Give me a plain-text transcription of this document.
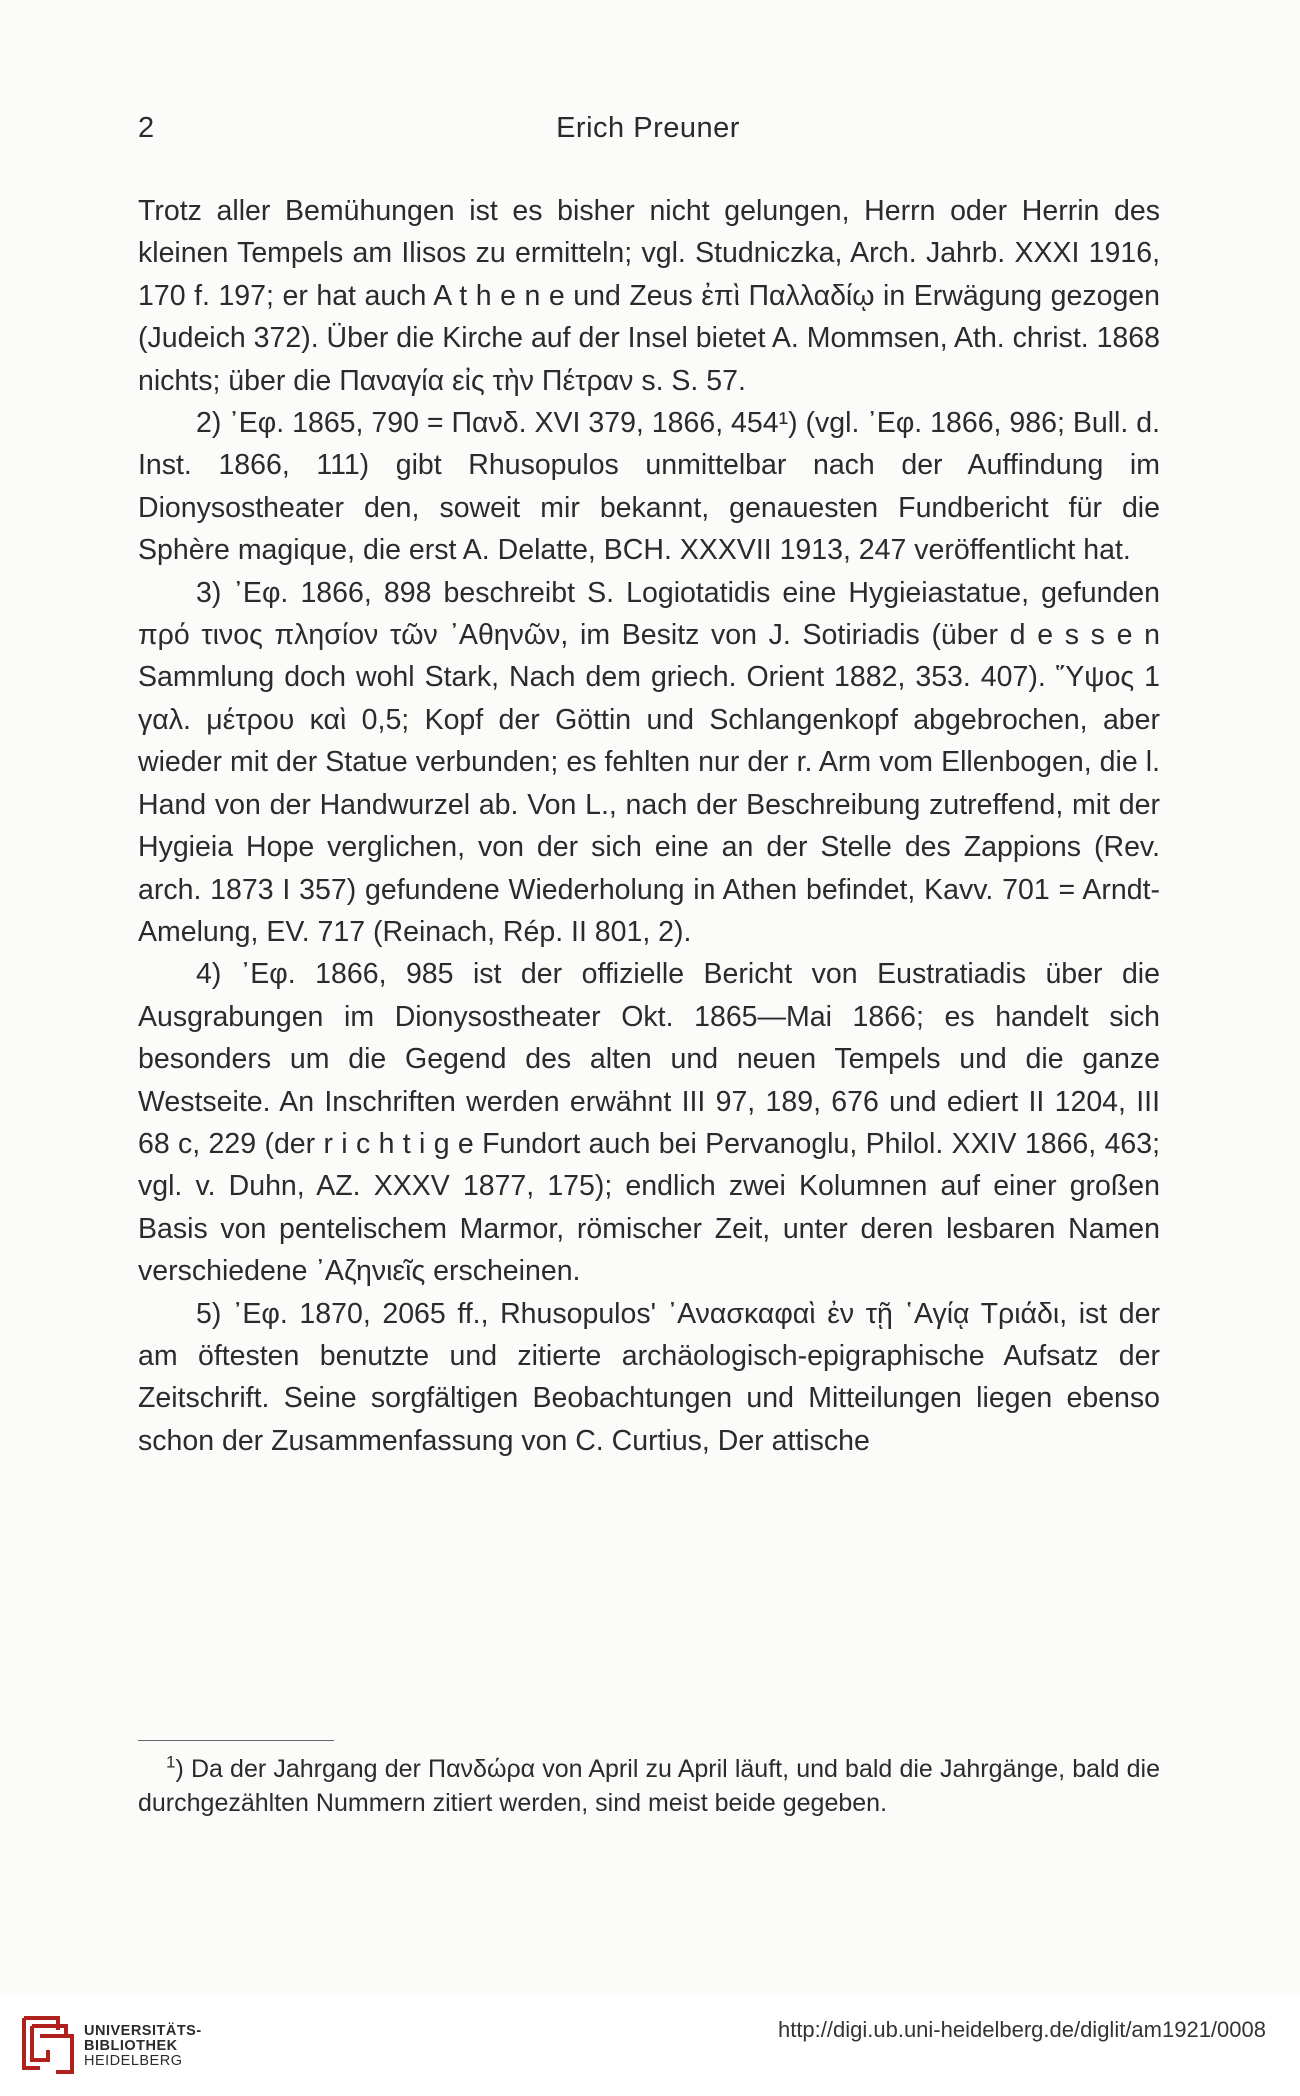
2	Erich Preuner

Trotz aller Bemühungen ist es bisher nicht gelungen, Herrn oder Herrin des kleinen Tempels am Ilisos zu ermitteln; vgl. Studniczka, Arch. Jahrb. XXXI 1916, 170 f. 197; er hat auch A t h e n e und Zeus ἐπὶ Παλλαδίῳ in Erwägung gezogen (Judeich 372). Über die Kirche auf der Insel bietet A. Mommsen, Ath. christ. 1868 nichts; über die Παναγία εἰς τὴν Πέτραν s. S. 57.

2) ᾿Εφ. 1865, 790 = Πανδ. XVI 379, 1866, 454¹) (vgl. ᾿Εφ. 1866, 986; Bull. d. Inst. 1866, 111) gibt Rhusopulos unmittelbar nach der Auffindung im Dionysostheater den, soweit mir bekannt, genauesten Fundbericht für die Sphère magique, die erst A. Delatte, BCH. XXXVII 1913, 247 veröffentlicht hat.

3) ᾿Εφ. 1866, 898 beschreibt S. Logiotatidis eine Hygieiastatue, gefunden πρό τινος πλησίον τῶν ᾿Αθηνῶν, im Besitz von J. Sotiriadis (über d e s s e n Sammlung doch wohl Stark, Nach dem griech. Orient 1882, 353. 407). ῞Υψος 1 γαλ. μέτρου καὶ 0,5; Kopf der Göttin und Schlangenkopf abgebrochen, aber wieder mit der Statue verbunden; es fehlten nur der r. Arm vom Ellenbogen, die l. Hand von der Handwurzel ab. Von L., nach der Beschreibung zutreffend, mit der Hygieia Hope verglichen, von der sich eine an der Stelle des Zappions (Rev. arch. 1873 I 357) gefundene Wiederholung in Athen befindet, Kavv. 701 = Arndt-Amelung, EV. 717 (Reinach, Rép. II 801, 2).

4) ᾿Εφ. 1866, 985 ist der offizielle Bericht von Eustratiadis über die Ausgrabungen im Dionysostheater Okt. 1865—Mai 1866; es handelt sich besonders um die Gegend des alten und neuen Tempels und die ganze Westseite. An Inschriften werden erwähnt III 97, 189, 676 und ediert II 1204, III 68 c, 229 (der r i c h t i g e Fundort auch bei Pervanoglu, Philol. XXIV 1866, 463; vgl. v. Duhn, AZ. XXXV 1877, 175); endlich zwei Kolumnen auf einer großen Basis von pentelischem Marmor, römischer Zeit, unter deren lesbaren Namen verschiedene ᾿Αζηνιεῖς erscheinen.

5) ᾿Εφ. 1870, 2065 ff., Rhusopulos' ᾿Ανασκαφαὶ ἐν τῇ ῾Αγίᾳ Τριάδι, ist der am öftesten benutzte und zitierte archäologisch-epigraphische Aufsatz der Zeitschrift. Seine sorgfältigen Beobachtungen und Mitteilungen liegen ebenso schon der Zusammenfassung von C. Curtius, Der attische

$^1$) Da der Jahrgang der Πανδώρα von April zu April läuft, und bald die Jahrgänge, bald die durchgezählten Nummern zitiert werden, sind meist beide gegeben.

UNIVERSITÄTS-
BIBLIOTHEK
HEIDELBERG
http://digi.ub.uni-heidelberg.de/diglit/am1921/0008
